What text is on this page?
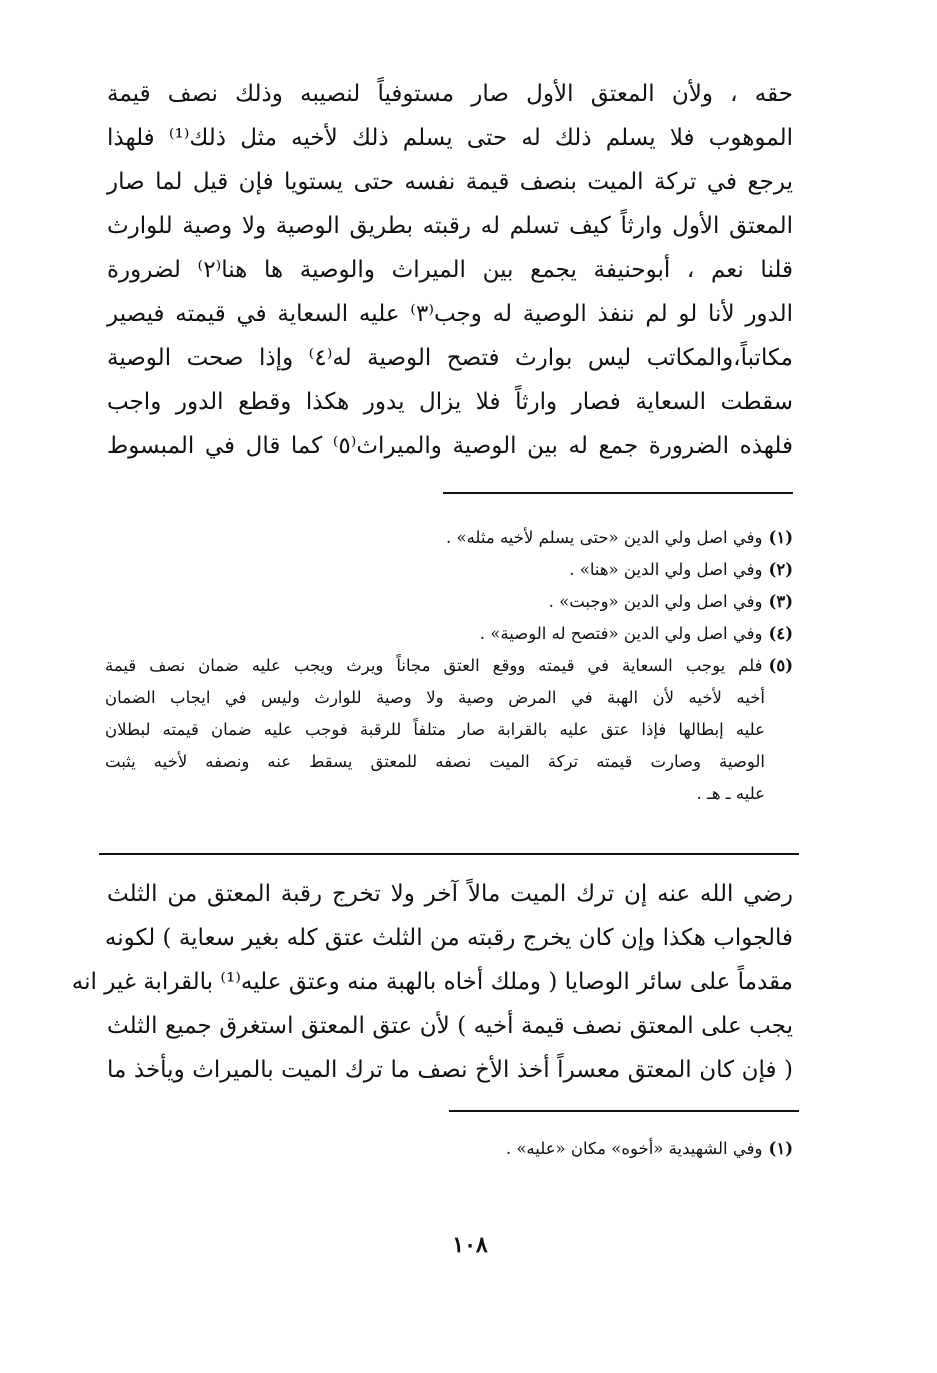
حقه ، ولأن المعتق الأول صار مستوفياً لنصيبه وذلك نصف قيمة
الموهوب فلا يسلم ذلك له حتى يسلم ذلك لأخيه مثل ذلك⁽¹⁾ فلهذا
يرجع في تركة الميت بنصف قيمة نفسه حتى يستويا فإن قيل لما صار
المعتق الأول وارثاً كيف تسلم له رقبته بطريق الوصية ولا وصية للوارث
قلنا نعم ، أبوحنيفة يجمع بين الميراث والوصية ها هنا⁽٢⁾ لضرورة
الدور لأنا لو لم ننفذ الوصية له وجب⁽٣⁾ عليه السعاية في قيمته فيصير
مكاتباً،والمكاتب ليس بوارث فتصح الوصية له⁽٤⁾ وإذا صحت الوصية
سقطت السعاية فصار وارثاً فلا يزال يدور هكذا وقطع الدور واجب
فلهذه الضرورة جمع له بين الوصية والميراث⁽٥⁾ كما قال في المبسوط
(١)وفي اصل ولي الدين «حتى يسلم لأخيه مثله» .
(٢)وفي اصل ولي الدين «هنا» .
(٣)وفي اصل ولي الدين «وجبت» .
(٤)وفي اصل ولي الدين «فتصح له الوصية» .
(٥)فلم يوجب السعاية في قيمته ووقع العتق مجاناً ويرث ويجب عليه ضمان نصف قيمة
أخيه لأخيه لأن الهبة في المرض وصية ولا وصية للوارث وليس في ايجاب الضمان
عليه إبطالها فإذا عتق عليه بالقرابة صار متلفاً للرقبة فوجب عليه ضمان قيمته لبطلان
الوصية وصارت قيمته تركة الميت نصفه للمعتق يسقط عنه ونصفه لأخيه يثبت
عليه ـ هـ .
رضي الله عنه إن ترك الميت مالاً آخر ولا تخرج رقبة المعتق من الثلث
فالجواب هكذا وإن كان يخرج رقبته من الثلث عتق كله بغير سعاية ) لكونه
مقدماً على سائر الوصايا ( وملك أخاه بالهبة منه وعتق عليه⁽¹⁾ بالقرابة غير انه
يجب على المعتق نصف قيمة أخيه ) لأن عتق المعتق استغرق جميع الثلث
( فإن كان المعتق معسراً أخذ الأخ نصف ما ترك الميت بالميراث ويأخذ ما
(١)وفي الشهيدية «أخوه» مكان «عليه» .
١٠٨
